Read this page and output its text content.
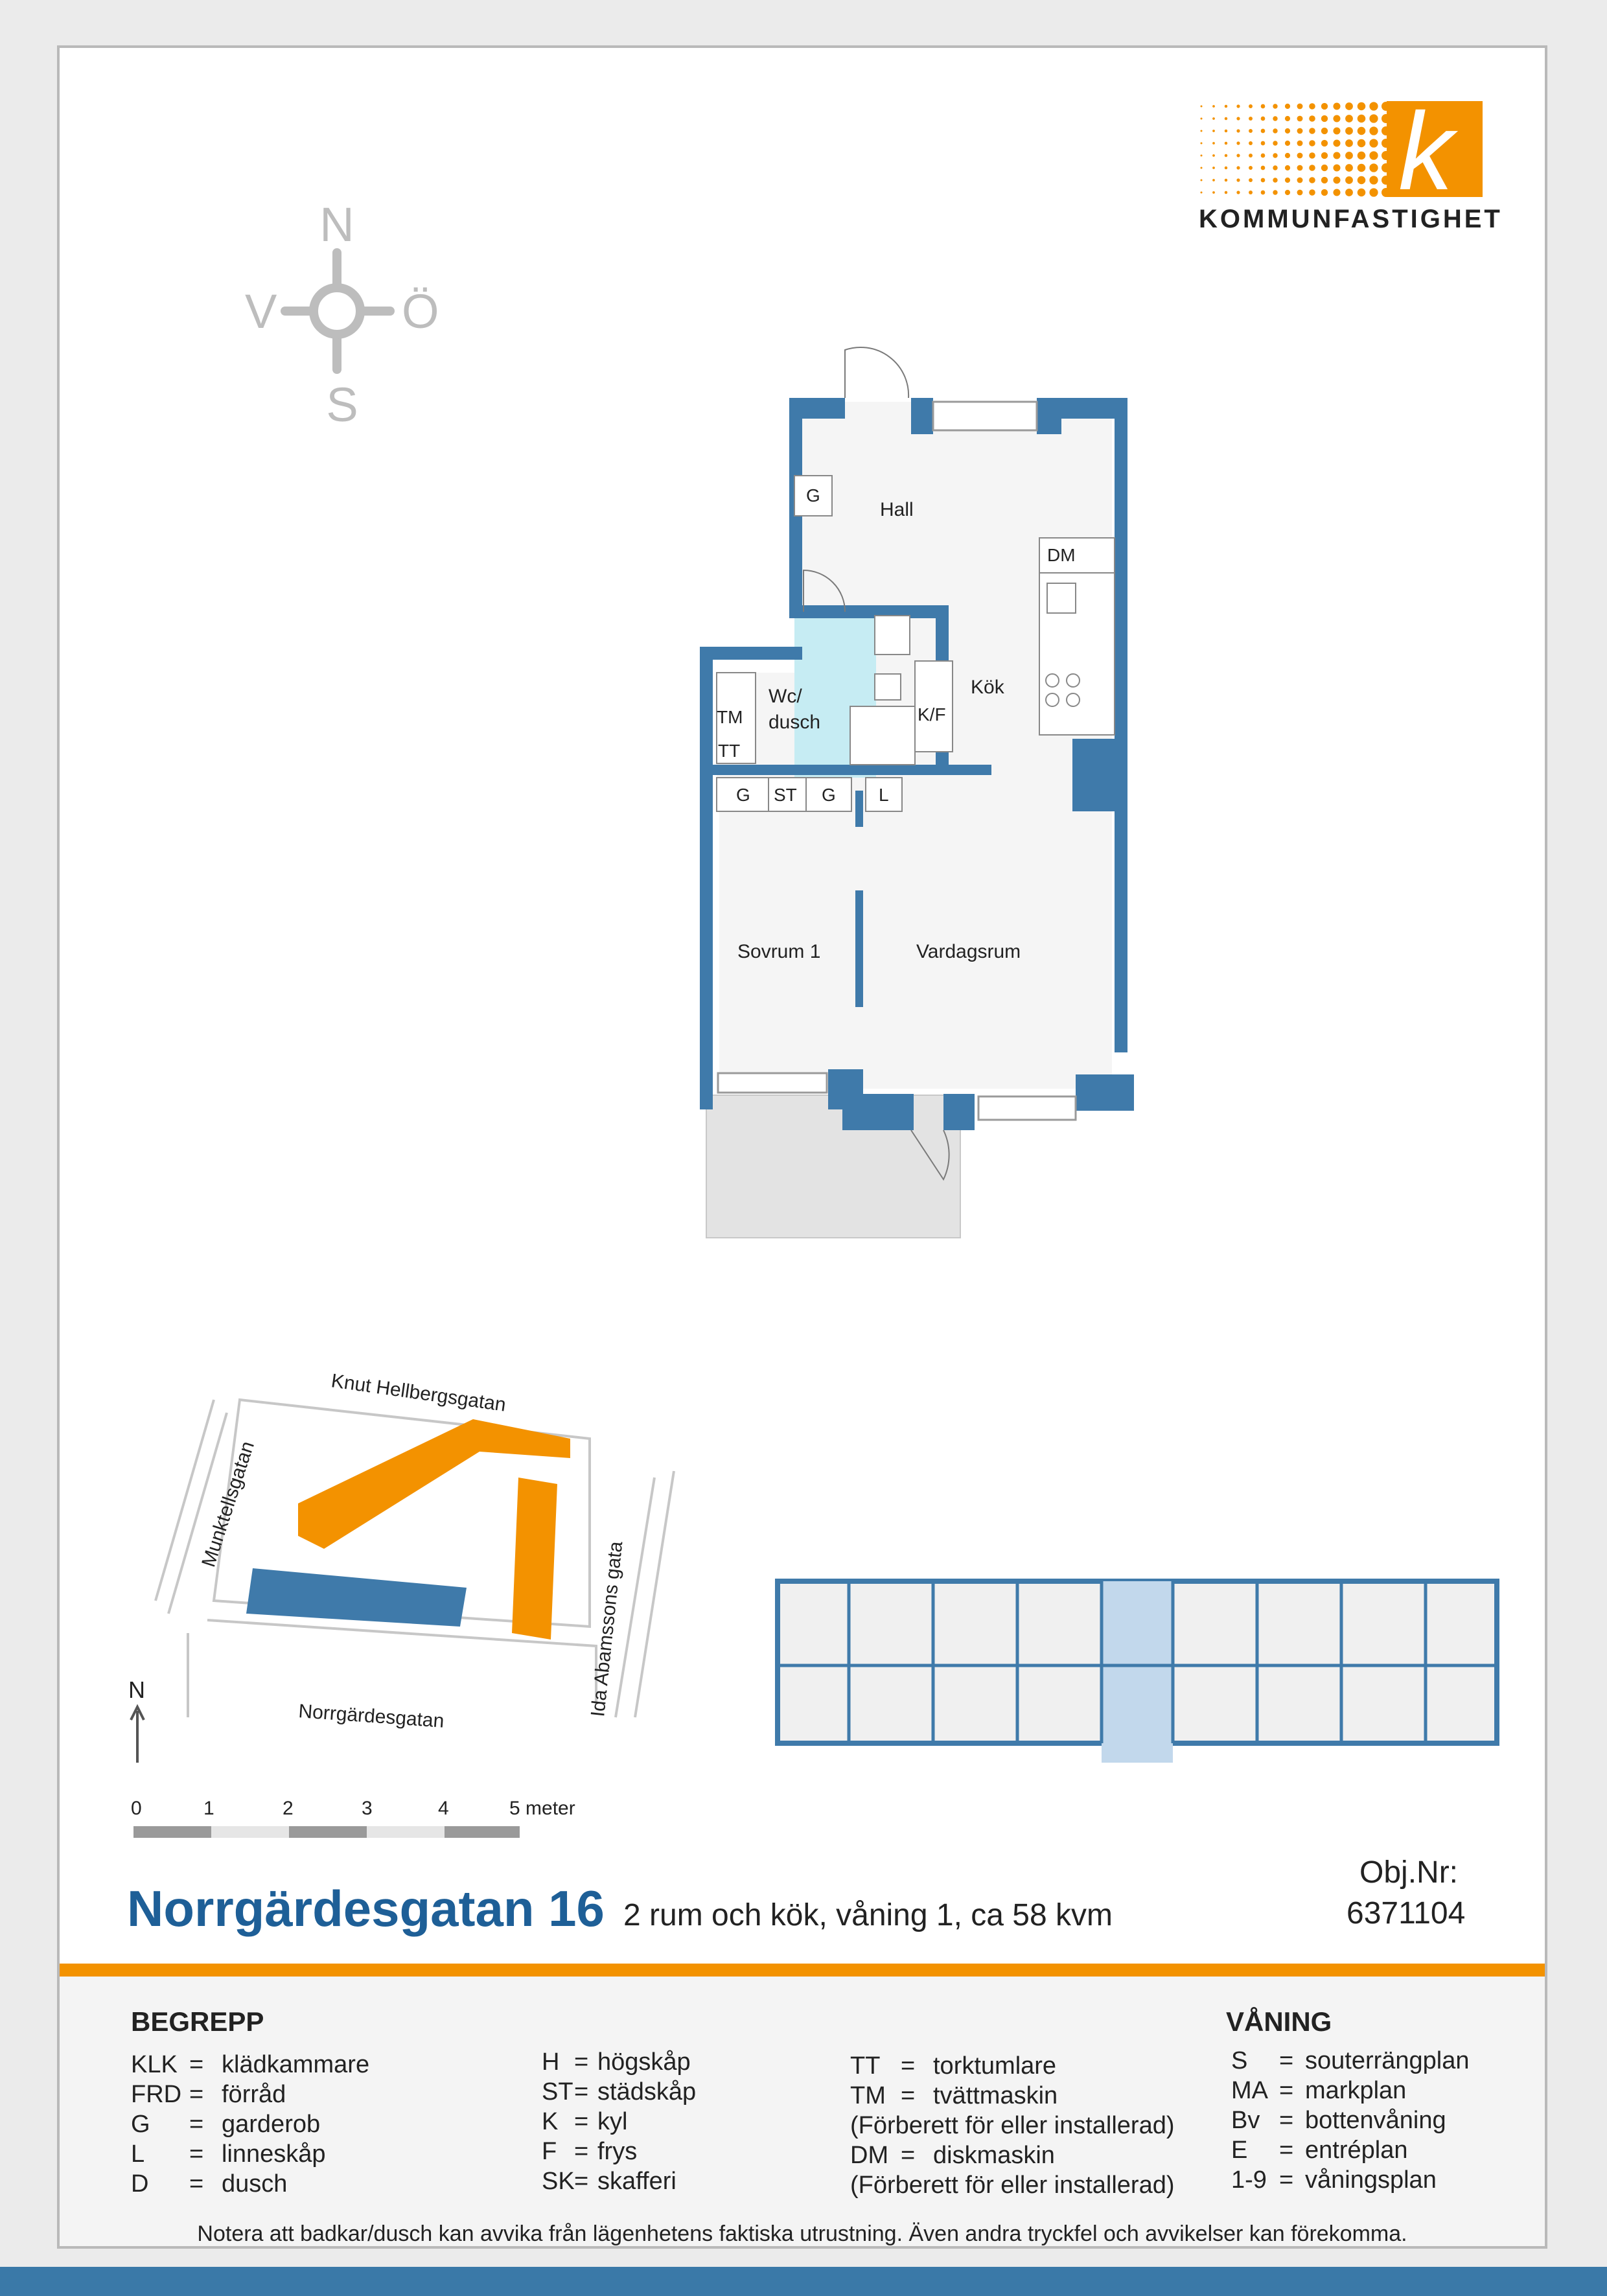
k
KOMMUNFASTIGHET
N
S
V	Ö
Hall
Kök
Wc/
dusch
Sovrum 1	Vardagsrum
G
DM
TM
TT
K/F
G ST G L
Knut Hellbergsgatan
Munktellsgatan
Ida Abamssons gata
Norrgärdesgatan
N
0	1	2	3	4	5 meter
Norrgärdesgatan 16 2 rum och kök, våning 1, ca 58 kvm
Obj.Nr:
6371104
BEGREPP	VÅNING
KLK = klädkammare
FRD = förråd
G = garderob
L = linneskåp
D = dusch
H = högskåp
ST= städskåp
K = kyl
F = frys
SK= skafferi
TT = torktumlare
TM = tvättmaskin
(Förberett för eller installerad)
DM = diskmaskin
(Förberett för eller installerad)
S = souterrängplan
MA = markplan
Bv = bottenvåning
E = entréplan
1-9 = våningsplan
Notera att badkar/dusch kan avvika från lägenhetens faktiska utrustning. Även andra tryckfel och avvikelser kan förekomma.
